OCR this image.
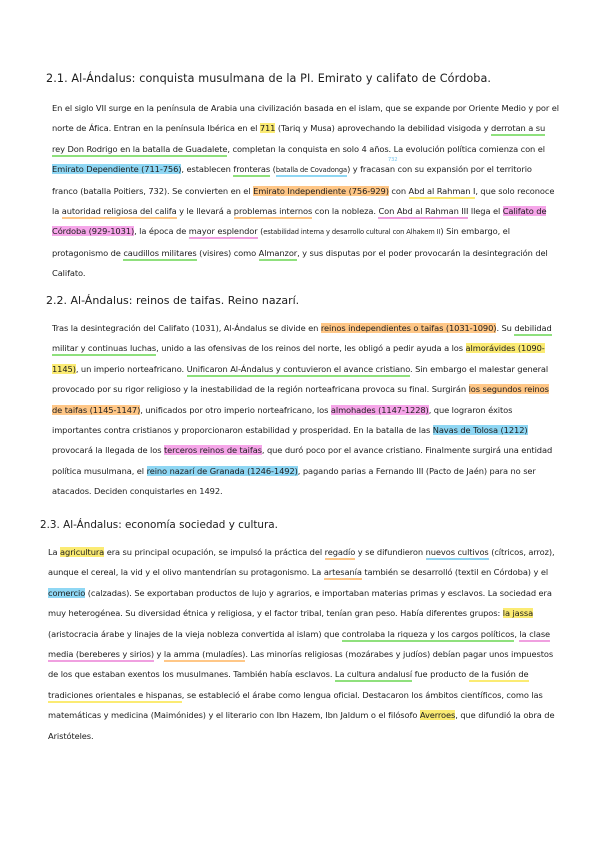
2.1. Al-Ándalus: conquista musulmana de la PI. Emirato y califato de Córdoba.
732

En el siglo VII surge en la península de Arabia una civilización basada en el islam, que se expande por Oriente Medio y por el norte de Áfica. Entran en la península Ibérica en el 711 (Tariq y Musa) aprovechando la debilidad visigoda y derrotan a su rey Don Rodrigo en la batalla de Guadalete, completan la conquista en solo 4 años. La evolución política comienza con el Emirato Dependiente (711-756), establecen fronteras (batalla de Covadonga) y fracasan con su expansión por el territorio franco (batalla Poitiers, 732). Se convierten en el Emirato Independiente (756-929) con Abd al Rahman I, que solo reconoce la autoridad religiosa del califa y le llevará a problemas internos con la nobleza. Con Abd al Rahman III llega el Califato de Córdoba (929-1031), la época de mayor esplendor (estabilidad interna y desarrollo cultural con Alhakem II) Sin embargo, el protagonismo de caudillos militares (visires) como Almanzor, y sus disputas por el poder provocarán la desintegración del Califato.

2.2. Al-Ándalus: reinos de taifas. Reino nazarí.

Tras la desintegración del Califato (1031), Al-Ándalus se divide en reinos independientes o taifas (1031-1090). Su debilidad militar y continuas luchas, unido a las ofensivas de los reinos del norte, les obligó a pedir ayuda a los almorávides (1090-1145), un imperio norteafricano. Unificaron Al-Ándalus y contuvieron el avance cristiano. Sin embargo el malestar general provocado por su rigor religioso y la inestabilidad de la región norteafricana provoca su final. Surgirán los segundos reinos de taifas (1145-1147), unificados por otro imperio norteafricano, los almohades (1147-1228), que lograron éxitos importantes contra cristianos y proporcionaron estabilidad y prosperidad. En la batalla de las Navas de Tolosa (1212) provocará la llegada de los terceros reinos de taifas, que duró poco por el avance cristiano. Finalmente surgirá una entidad política musulmana, el reino nazarí de Granada (1246-1492), pagando parias a Fernando III (Pacto de Jaén) para no ser atacados. Deciden conquistarles en 1492.

2.3. Al-Ándalus: economía sociedad y cultura.

La agricultura era su principal ocupación, se impulsó la práctica del regadío y se difundieron nuevos cultivos (cítricos, arroz), aunque el cereal, la vid y el olivo mantendrían su protagonismo. La artesanía también se desarrolló (textil en Córdoba) y el comercio (calzadas). Se exportaban productos de lujo y agrarios, e importaban materias primas y esclavos. La sociedad era muy heterogénea. Su diversidad étnica y religiosa, y el factor tribal, tenían gran peso. Había diferentes grupos: la jassa (aristocracia árabe y linajes de la vieja nobleza convertida al islam) que controlaba la riqueza y los cargos políticos, la clase media (bereberes y sirios) y la amma (muladíes). Las minorías religiosas (mozárabes y judíos) debían pagar unos impuestos de los que estaban exentos los musulmanes. También había esclavos. La cultura andalusí fue producto de la fusión de tradiciones orientales e hispanas, se estableció el árabe como lengua oficial. Destacaron los ámbitos científicos, como las matemáticas y medicina (Maimónides) y el literario con Ibn Hazem, Ibn Jaldum o el filósofo Averroes, que difundió la obra de Aristóteles.
